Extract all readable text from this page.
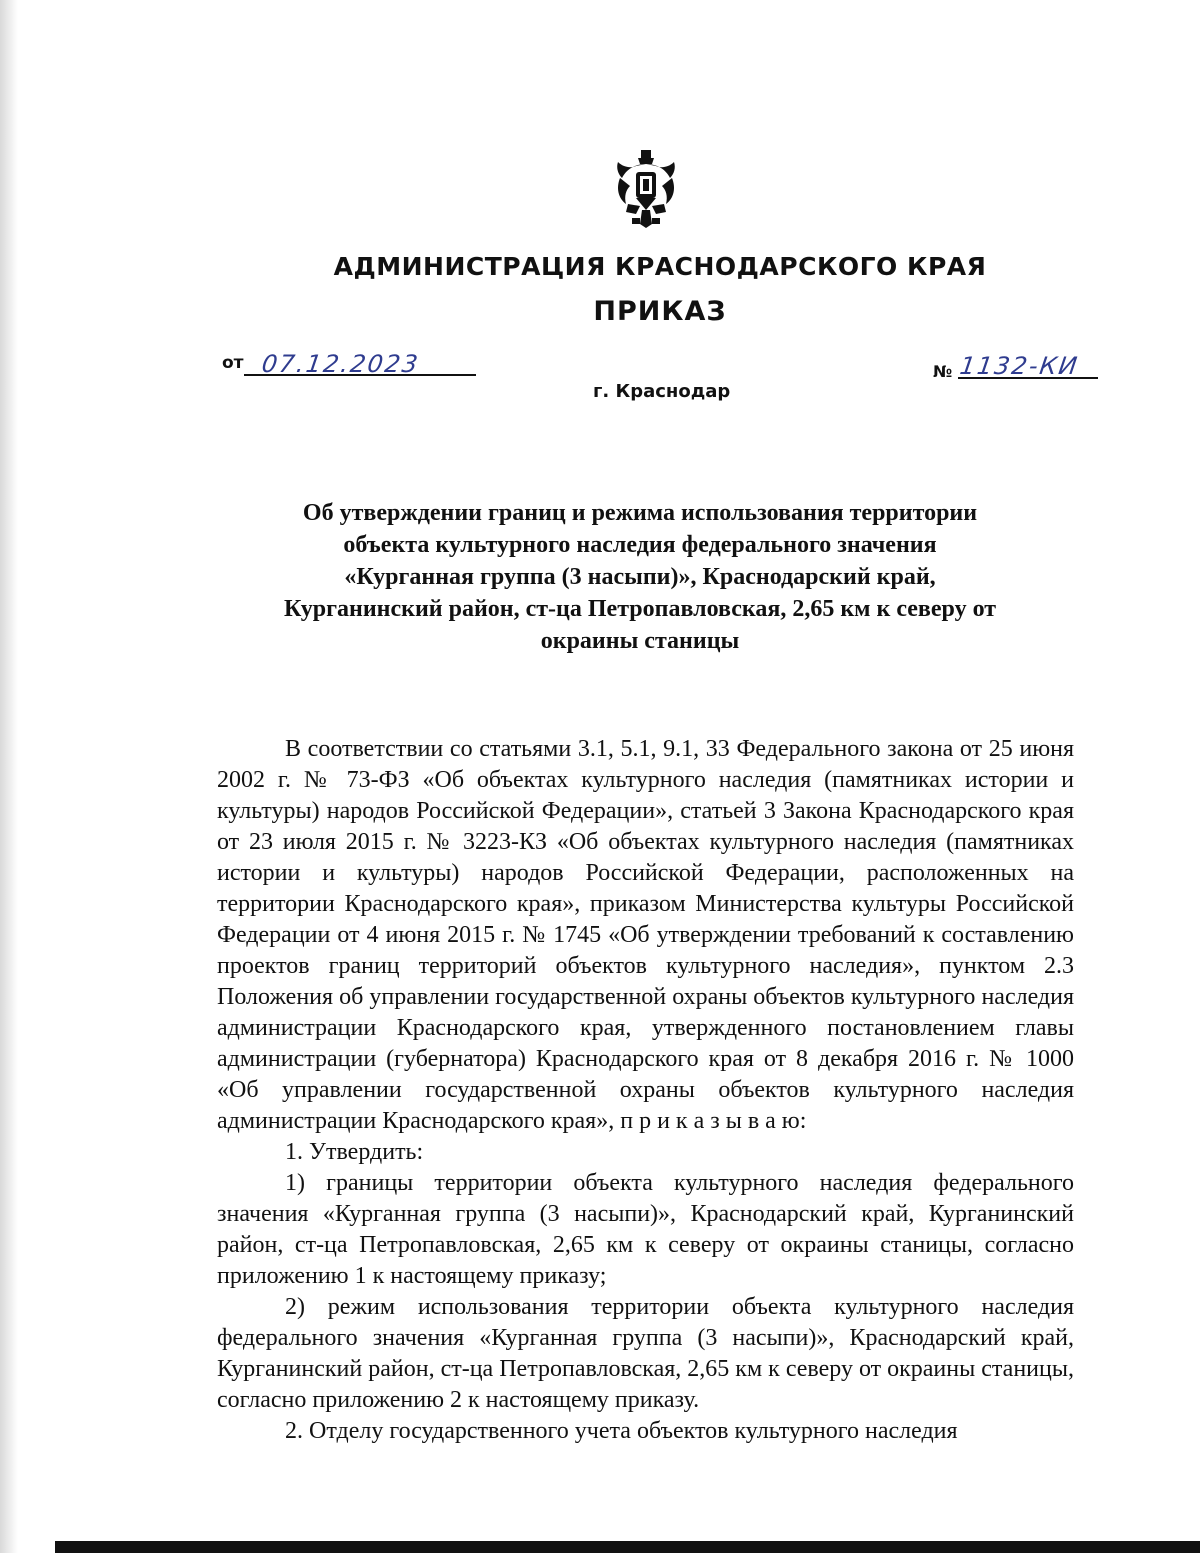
АДМИНИСТРАЦИЯ КРАСНОДАРСКОГО КРАЯ
ПРИКАЗ
от 07.12.2023
г. Краснодар
№ 1132-КИ
Об утверждении границ и режима использования территории
объекта культурного наследия федерального значения
«Курганная группа (3 насыпи)», Краснодарский край,
Курганинский район, ст-ца Петропавловская, 2,65 км к северу от
окраины станицы

В соответствии со статьями 3.1, 5.1, 9.1, 33 Федерального закона от 25 июня 2002 г. № 73-ФЗ «Об объектах культурного наследия (памятниках истории и культуры) народов Российской Федерации», статьей 3 Закона Краснодарского края от 23 июля 2015 г. № 3223-КЗ «Об объектах культурного наследия (памятниках истории и культуры) народов Российской Федерации, расположенных на территории Краснодарского края», приказом Министерства культуры Российской Федерации от 4 июня 2015 г. № 1745 «Об утверждении требований к составлению проектов границ территорий объектов культурного наследия», пунктом 2.3 Положения об управлении государственной охраны объектов культурного наследия администрации Краснодарского края, утвержденного постановлением главы администрации (губернатора) Краснодарского края от 8 декабря 2016 г. № 1000 «Об управлении государственной охраны объектов культурного наследия администрации Краснодарского края», п р и к а з ы в а ю:

1. Утвердить:

1) границы территории объекта культурного наследия федерального значения «Курганная группа (3 насыпи)», Краснодарский край, Курганинский район, ст-ца Петропавловская, 2,65 км к северу от окраины станицы, согласно приложению 1 к настоящему приказу;

2) режим использования территории объекта культурного наследия федерального значения «Курганная группа (3 насыпи)», Краснодарский край, Курганинский район, ст-ца Петропавловская, 2,65 км к северу от окраины станицы, согласно приложению 2 к настоящему приказу.

2. Отделу государственного учета объектов культурного наследия
